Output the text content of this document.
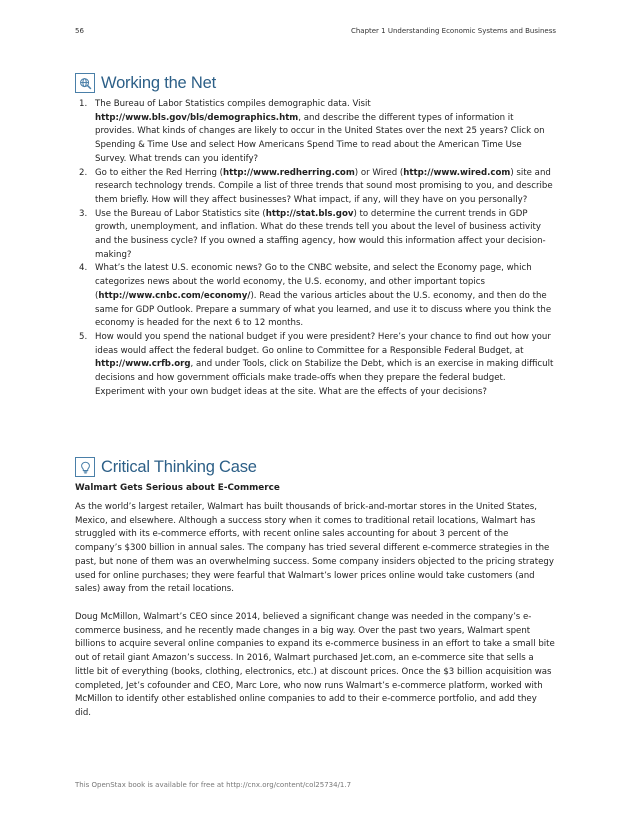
56	Chapter 1 Understanding Economic Systems and Business
Working the Net
1. The Bureau of Labor Statistics compiles demographic data. Visit http://www.bls.gov/bls/demographics.htm, and describe the different types of information it provides. What kinds of changes are likely to occur in the United States over the next 25 years? Click on Spending & Time Use and select How Americans Spend Time to read about the American Time Use Survey. What trends can you identify?
2. Go to either the Red Herring (http://www.redherring.com) or Wired (http://www.wired.com) site and research technology trends. Compile a list of three trends that sound most promising to you, and describe them briefly. How will they affect businesses? What impact, if any, will they have on you personally?
3. Use the Bureau of Labor Statistics site (http://stat.bls.gov) to determine the current trends in GDP growth, unemployment, and inflation. What do these trends tell you about the level of business activity and the business cycle? If you owned a staffing agency, how would this information affect your decision-making?
4. What’s the latest U.S. economic news? Go to the CNBC website, and select the Economy page, which categorizes news about the world economy, the U.S. economy, and other important topics (http://www.cnbc.com/economy/). Read the various articles about the U.S. economy, and then do the same for GDP Outlook. Prepare a summary of what you learned, and use it to discuss where you think the economy is headed for the next 6 to 12 months.
5. How would you spend the national budget if you were president? Here’s your chance to find out how your ideas would affect the federal budget. Go online to Committee for a Responsible Federal Budget, at http://www.crfb.org, and under Tools, click on Stabilize the Debt, which is an exercise in making difficult decisions and how government officials make trade-offs when they prepare the federal budget. Experiment with your own budget ideas at the site. What are the effects of your decisions?
Critical Thinking Case
Walmart Gets Serious about E-Commerce

As the world’s largest retailer, Walmart has built thousands of brick-and-mortar stores in the United States, Mexico, and elsewhere. Although a success story when it comes to traditional retail locations, Walmart has struggled with its e-commerce efforts, with recent online sales accounting for about 3 percent of the company’s $300 billion in annual sales. The company has tried several different e-commerce strategies in the past, but none of them was an overwhelming success. Some company insiders objected to the pricing strategy used for online purchases; they were fearful that Walmart’s lower prices online would take customers (and sales) away from the retail locations.

Doug McMillon, Walmart’s CEO since 2014, believed a significant change was needed in the company’s e-commerce business, and he recently made changes in a big way. Over the past two years, Walmart spent billions to acquire several online companies to expand its e-commerce business in an effort to take a small bite out of retail giant Amazon’s success. In 2016, Walmart purchased Jet.com, an e-commerce site that sells a little bit of everything (books, clothing, electronics, etc.) at discount prices. Once the $3 billion acquisition was completed, Jet’s cofounder and CEO, Marc Lore, who now runs Walmart’s e-commerce platform, worked with McMillon to identify other established online companies to add to their e-commerce portfolio, and add they did.

This OpenStax book is available for free at http://cnx.org/content/col25734/1.7
